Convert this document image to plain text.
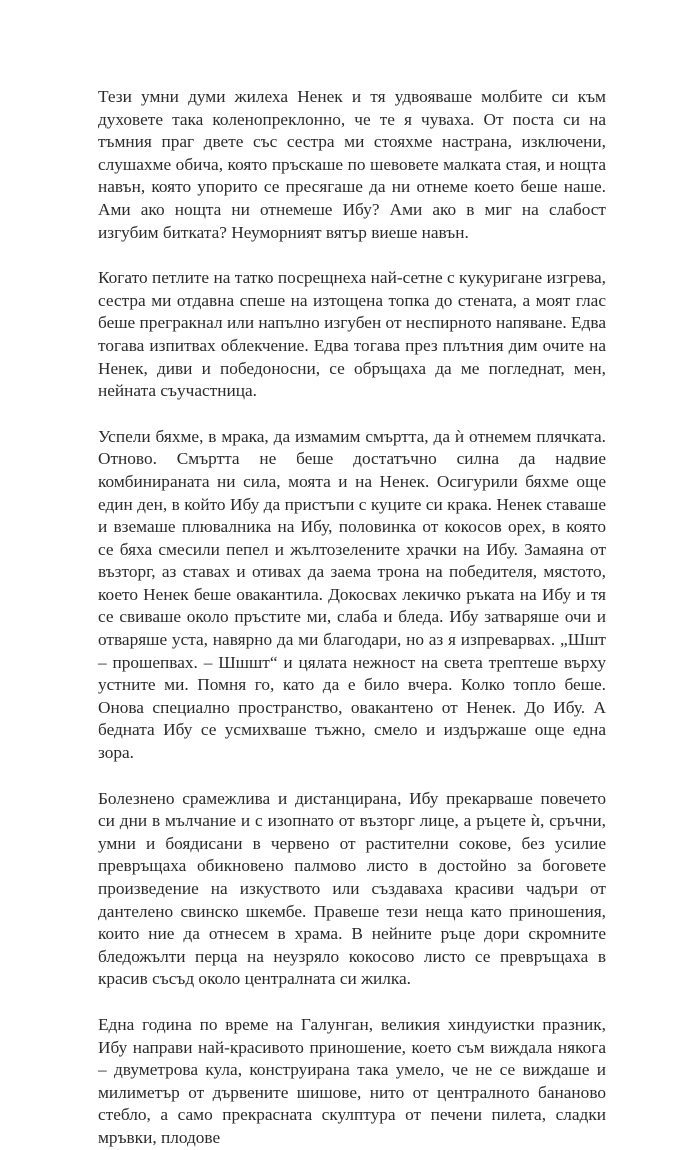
Тези умни думи жилеха Ненек и тя удвояваше молбите си към духовете така коленопреклонно, че те я чуваха. От поста си на тъмния праг двете със сестра ми стояхме настрана, изключени, слушахме обича, която пръскаше по шевовете малката стая, и нощта навън, която упорито се пресягаше да ни отнеме което беше наше. Ами ако нощта ни отнемеше Ибу? Ами ако в миг на слабост изгубим битката? Неуморният вятър виеше навън.

Когато петлите на татко посрещнеха най-сетне с кукуригане изгрева, сестра ми отдавна спеше на изтощена топка до стената, а моят глас беше прегракнал или напълно изгубен от неспирното напяване. Едва тогава изпитвах облекчение. Едва тогава през плътния дим очите на Ненек, диви и победоносни, се обръщаха да ме погледнат, мен, нейната съучастница.

Успели бяхме, в мрака, да измамим смъртта, да ѝ отнемем плячката. Отново. Смъртта не беше достатъчно силна да надвие комбинираната ни сила, моята и на Ненек. Осигурили бяхме още един ден, в който Ибу да пристъпи с куците си крака. Ненек ставаше и вземаше плювалника на Ибу, половинка от кокосов орех, в която се бяха смесили пепел и жълтозелените храчки на Ибу. Замаяна от възторг, аз ставах и отивах да заема трона на победителя, мястото, което Ненек беше овакантила. Докосвах лекичко ръката на Ибу и тя се свиваше около пръстите ми, слаба и бледа. Ибу затваряше очи и отваряше уста, навярно да ми благодари, но аз я изпреварвах. „Шшт – прошепвах. – Шшшт“ и цялата нежност на света трептеше върху устните ми. Помня го, като да е било вчера. Колко топло беше. Онова специално пространство, овакантено от Ненек. До Ибу. А бедната Ибу се усмихваше тъжно, смело и издържаше още една зора.

Болезнено срамежлива и дистанцирана, Ибу прекарваше повечето си дни в мълчание и с изопнато от възторг лице, а ръцете ѝ, сръчни, умни и боядисани в червено от растителни сокове, без усилие превръщаха обикновено палмово листо в достойно за боговете произведение на изкуството или създаваха красиви чадъри от дантелено свинско шкембе. Правеше тези неща като приношения, които ние да отнесем в храма. В нейните ръце дори скромните бледожълти перца на неузряло кокосово листо се превръщаха в красив съсъд около централната си жилка.

Една година по време на Галунган, великия хиндуистки празник, Ибу направи най-красивото приношение, което съм виждала някога – двуметрова кула, конструирана така умело, че не се виждаше и милиметър от дървените шишове, нито от централното бананово стебло, а само прекрасната скулптура от печени пилета, сладки мръвки, плодове
